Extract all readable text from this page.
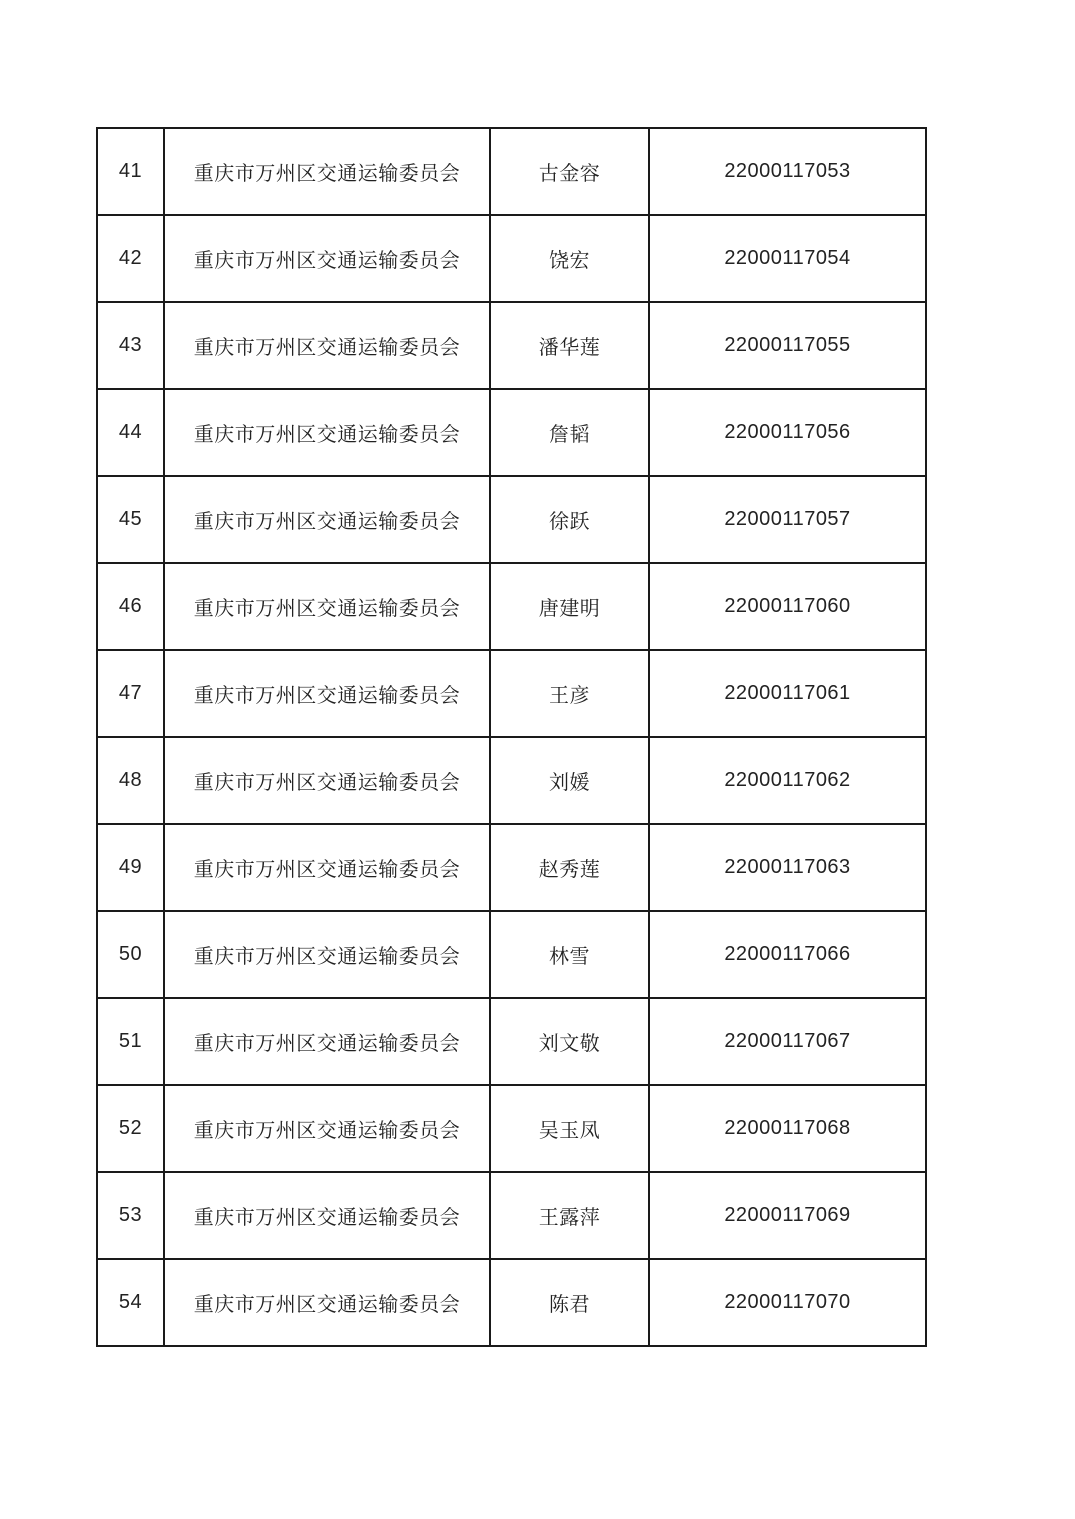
41	重庆市万州区交通运输委员会	古金容	22000117053
42	重庆市万州区交通运输委员会	饶宏	22000117054
43	重庆市万州区交通运输委员会	潘华莲	22000117055
44	重庆市万州区交通运输委员会	詹韬	22000117056
45	重庆市万州区交通运输委员会	徐跃	22000117057
46	重庆市万州区交通运输委员会	唐建明	22000117060
47	重庆市万州区交通运输委员会	王彦	22000117061
48	重庆市万州区交通运输委员会	刘媛	22000117062
49	重庆市万州区交通运输委员会	赵秀莲	22000117063
50	重庆市万州区交通运输委员会	林雪	22000117066
51	重庆市万州区交通运输委员会	刘文敬	22000117067
52	重庆市万州区交通运输委员会	吴玉凤	22000117068
53	重庆市万州区交通运输委员会	王露萍	22000117069
54	重庆市万州区交通运输委员会	陈君	22000117070
